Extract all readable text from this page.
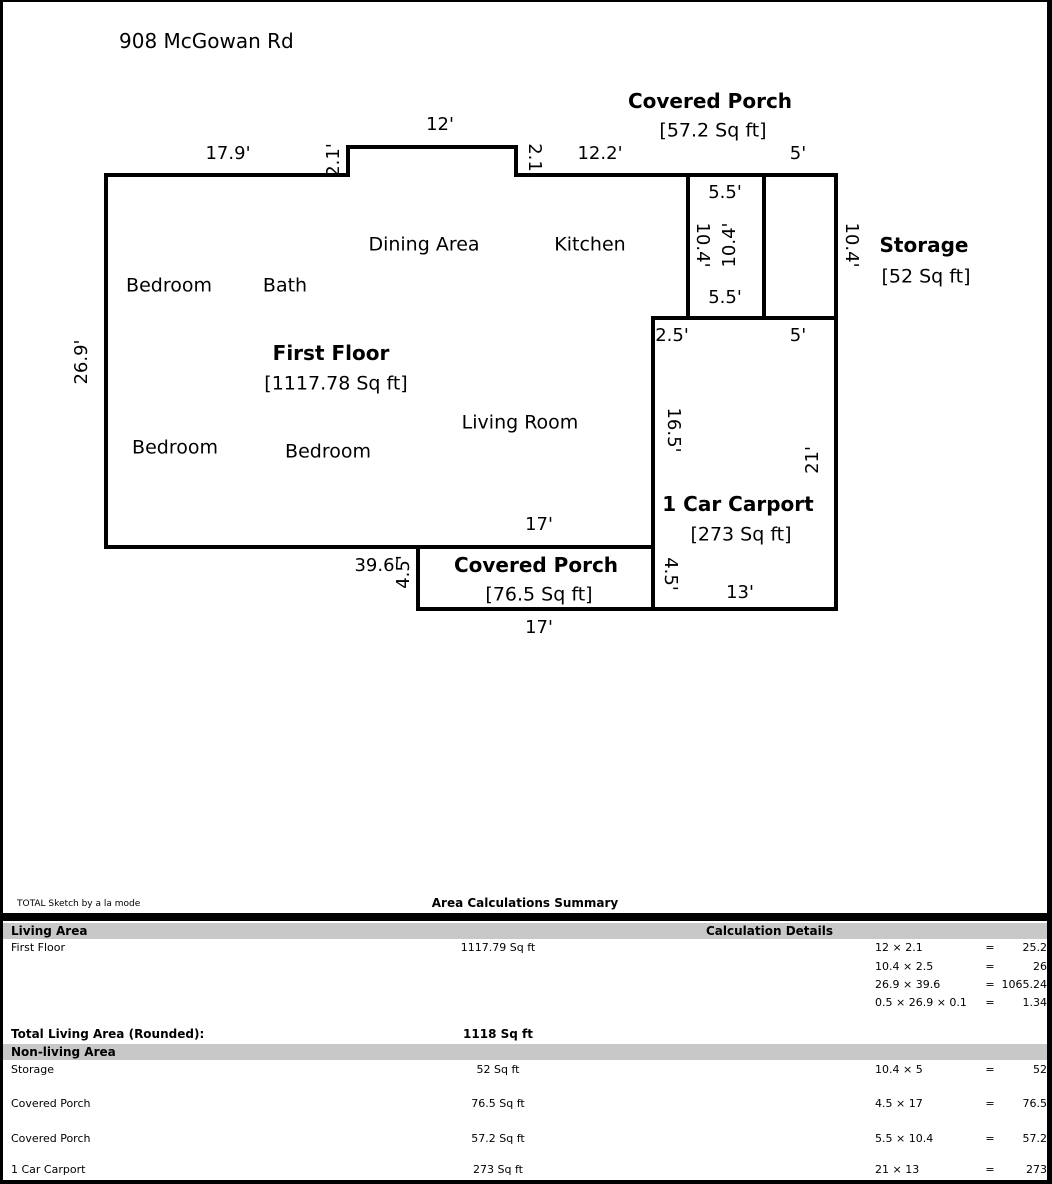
908 McGowan Rd
17.9'	2.1'
12'
2.1' 12.2'	5'
5.5'
10.4' 10.4'	10.4'
5.5'
2.5'	5'
26.9'
16.5'
21'
17'
39.6'
4.5'
17'
4.5'
13'
Dining Area	Kitchen
Bedroom	Bath
Living Room
Bedroom	Bedroom
Covered Porch
[57.2 Sq ft]
Storage
[52 Sq ft]
First Floor
[1117.78 Sq ft]
1 Car Carport
[273 Sq ft]
Covered Porch
[76.5 Sq ft]
TOTAL Sketch by a la mode	Area Calculations Summary
Living Area	Calculation Details
First Floor	1117.79 Sq ft	12 × 2.1	=	25.2
10.4 × 2.5	=	26
26.9 × 39.6	= 1065.24
0.5 × 26.9 × 0.1	=	1.34
Total Living Area (Rounded):	1118 Sq ft
Non-living Area
Storage	52 Sq ft	10.4 × 5	=	52
Covered Porch	76.5 Sq ft	4.5 × 17	=	76.5
Covered Porch	57.2 Sq ft	5.5 × 10.4	=	57.2
1 Car Carport	273 Sq ft	21 × 13	=	273
